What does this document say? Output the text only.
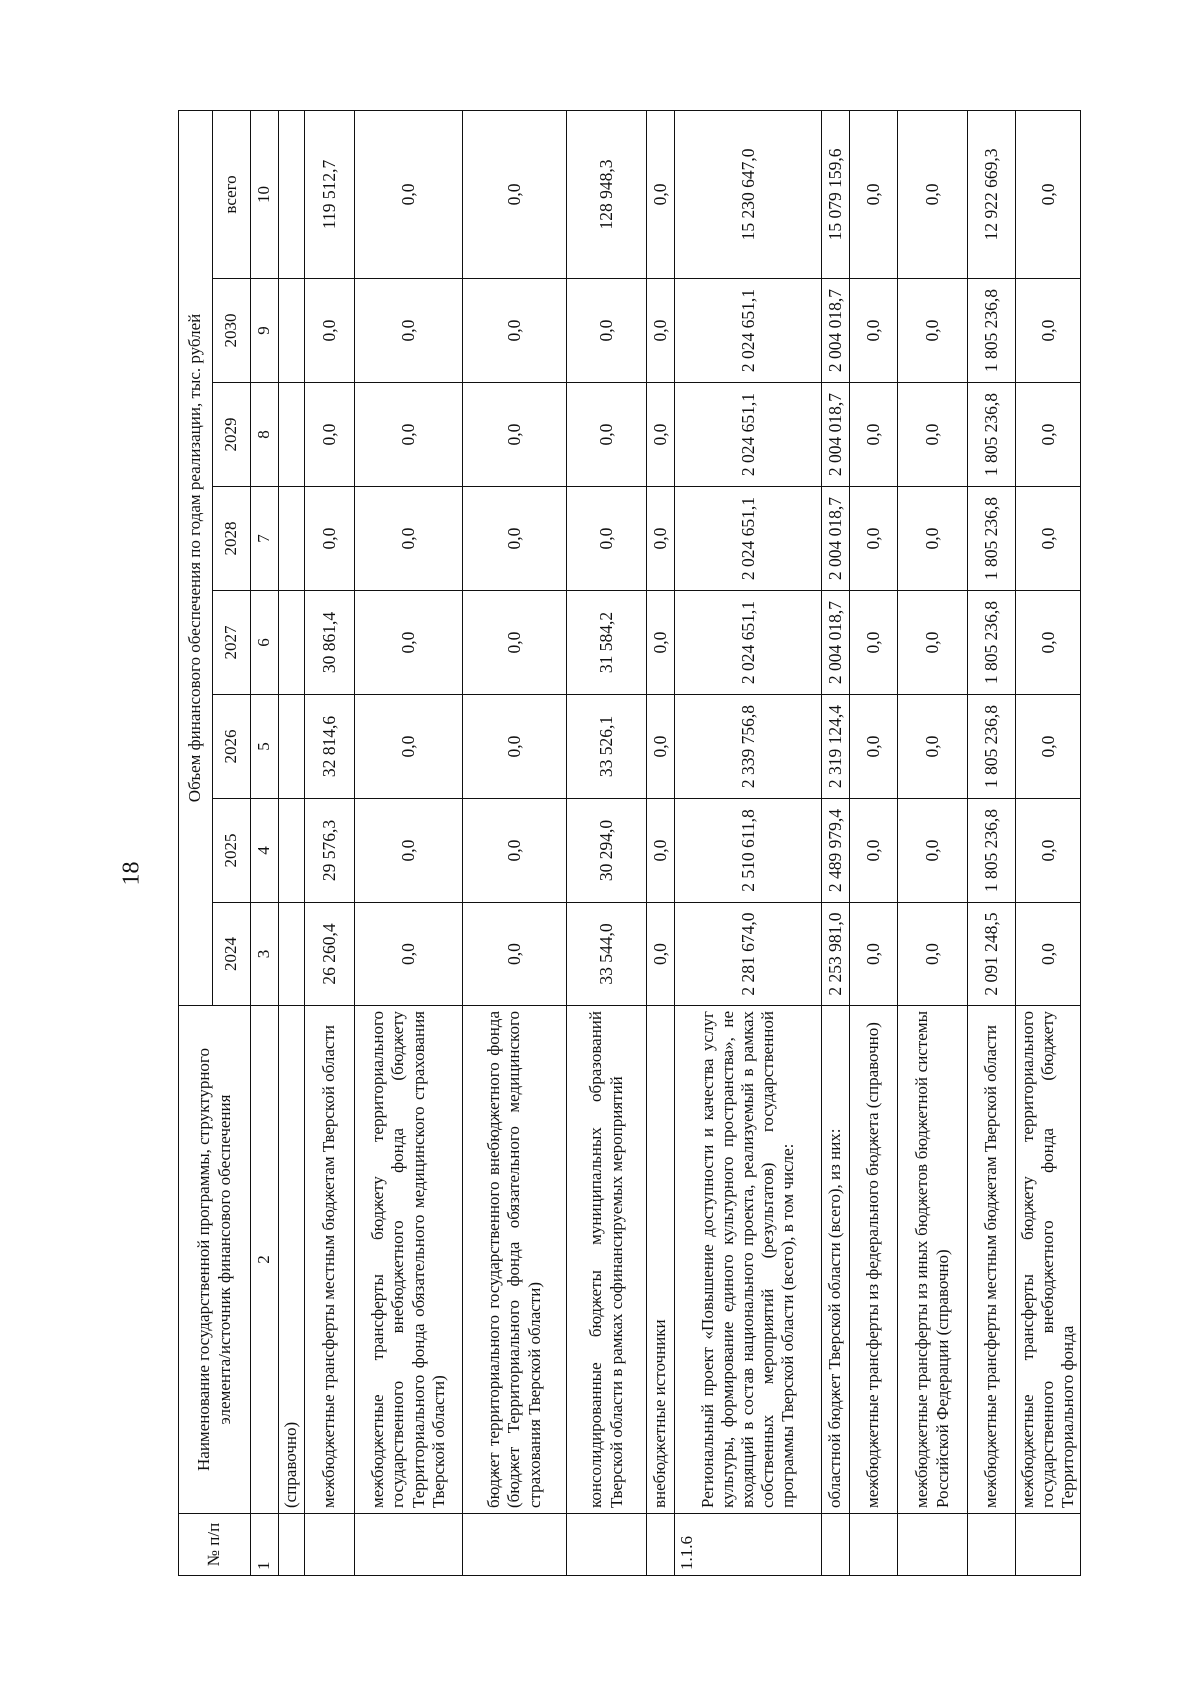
18
№ п/п	Наименование государственной программы, структурного элемента/источник финансового обеспечения	Объем финансового обеспечения по годам реализации, тыс. рублей							
		2024	2025	2026	2027	2028	2029	2030	всего
1	2	3	4	5	6	7	8	9	10
	(справочно)								
	межбюджетные трансферты местным бюджетам Тверской области	26 260,4	29 576,3	32 814,6	30 861,4	0,0	0,0	0,0	119 512,7
	межбюджетные трансферты бюджету территориального государственного внебюджетного фонда (бюджету Территориального фонда обязательного медицинского страхования Тверской области)	0,0	0,0	0,0	0,0	0,0	0,0	0,0	0,0
	бюджет территориального государственного внебюджетного фонда (бюджет Территориального фонда обязательного медицинского страхования Тверской области)	0,0	0,0	0,0	0,0	0,0	0,0	0,0	0,0
	консолидированные бюджеты муниципальных образований Тверской области в рамках софинансируемых мероприятий	33 544,0	30 294,0	33 526,1	31 584,2	0,0	0,0	0,0	128 948,3
	внебюджетные источники	0,0	0,0	0,0	0,0	0,0	0,0	0,0	0,0
1.1.6	Региональный проект «Повышение доступности и качества услуг культуры, формирование единого культурного пространства», не входящий в состав национального проекта, реализуемый в рамках собственных мероприятий (результатов) государственной программы Тверской области (всего), в том числе:	2 281 674,0	2 510 611,8	2 339 756,8	2 024 651,1	2 024 651,1	2 024 651,1	2 024 651,1	15 230 647,0
	областной бюджет Тверской области (всего), из них:	2 253 981,0	2 489 979,4	2 319 124,4	2 004 018,7	2 004 018,7	2 004 018,7	2 004 018,7	15 079 159,6
	межбюджетные трансферты из федерального бюджета (справочно)	0,0	0,0	0,0	0,0	0,0	0,0	0,0	0,0
	межбюджетные трансферты из иных бюджетов бюджетной системы Российской Федерации (справочно)	0,0	0,0	0,0	0,0	0,0	0,0	0,0	0,0
	межбюджетные трансферты местным бюджетам Тверской области	2 091 248,5	1 805 236,8	1 805 236,8	1 805 236,8	1 805 236,8	1 805 236,8	1 805 236,8	12 922 669,3
	межбюджетные трансферты бюджету территориального государственного внебюджетного фонда (бюджету Территориального фонда	0,0	0,0	0,0	0,0	0,0	0,0	0,0	0,0
